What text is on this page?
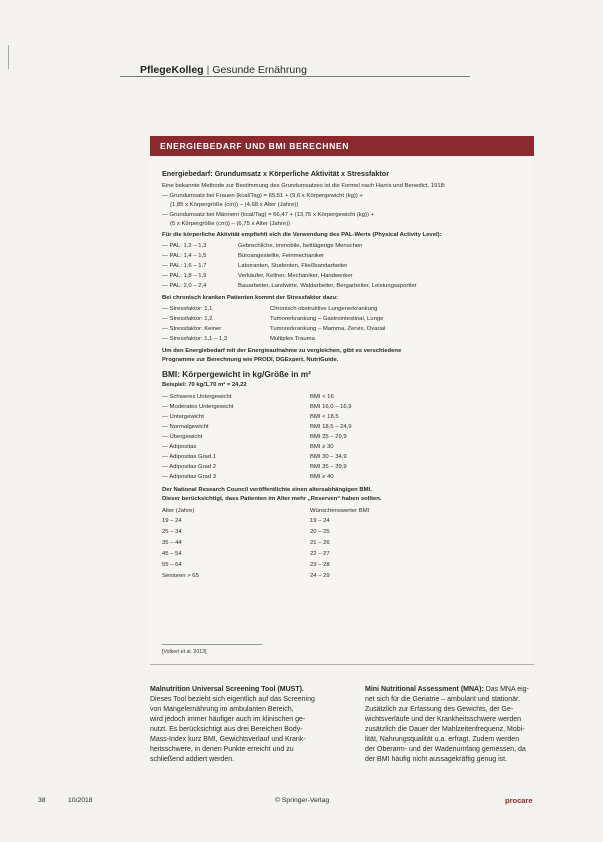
PflegeKolleg | Gesunde Ernährung
ENERGIEBEDARF UND BMI BERECHNEN
Energiebedarf: Grundumsatz x Körperliche Aktivität x Stressfaktor
Eine bekannte Methode zur Bestimmung des Grundumsatzes ist die Formel nach Harris und Benedict, 1918:
— Grundumsatz bei Frauen (kcal/Tag) = 65,51 + (9,6 x Körpergewicht (kg)) +
(1,85 x Körpergröße (cm)) – (4,68 x Alter (Jahre))
— Grundumsatz bei Männern (kcal/Tag) = 66,47 + (13,75 x Körpergewicht (kg)) +
(5 x Körpergröße (cm)) – (6,75 x Alter (Jahre))
Für die körperliche Aktivität empfiehlt sich die Verwendung des PAL-Werts (Physical Activity Level):
— PAL: 1,2 – 1,3	Gebrechliche, immobile, bettlägerige Menschen
— PAL: 1,4 – 1,5	Büroangestellte, Feinmechaniker
— PAL: 1,6 – 1,7	Laboranten, Studenten, Fließbandarbeiter
— PAL: 1,8 – 1,9	Verkäufer, Kellner, Mechaniker, Handwerker
— PAL: 2,0 – 2,4	Bauarbeiter, Landwirte, Waldarbeiter, Bergarbeiter, Leistungssportler
Bei chronisch kranken Patienten kommt der Stressfaktor dazu:
— Stressfaktor: 1,1	Chronisch obstruktive Lungenerkrankung
— Stressfaktor: 1,2	Tumorerkrankung – Gastrointestinal, Lunge
— Stressfaktor: Keiner	Tumorerkrankung – Mamma, Zervix, Ovarial
— Stressfaktor: 1,1 – 1,3	Multiples Trauma
Um den Energiebedarf mit der Energieaufnahme zu vergleichen, gibt es verschiedene
Programme zur Berechnung wie PRODI, DGExpert, NutriGuide.
BMI: Körpergewicht in kg/Größe in m²
Beispiel: 70 kg/1,70 m² = 24,22
— Schweres Untergewicht	BMI < 16
— Moderates Untergewicht	BMI 16,0 – 16,9
— Untergewicht	BMI < 18,5
— Normalgewicht	BMI 18,5 – 24,9
— Übergewicht	BMI 25 – 29,9
— Adipositas	BMI ≥ 30
— Adipositas Grad 1	BMI 30 – 34,9
— Adipositas Grad 2	BMI 35 – 39,9
— Adipositas Grad 3	BMI ≥ 40
Der National Research Council veröffentlichte einen altersabhängigen BMI.
Dieser berücksichtigt, dass Patienten im Alter mehr „Reserven“ haben sollten.
Alter (Jahre)	Wünschenswerter BMI
19 – 24	19 – 24
25 – 34	20 – 25
35 – 44	21 – 26
45 – 54	22 – 27
55 – 64	23 – 28
Senioren > 65	24 – 29
[Volkert et al. 2013]
Malnutrition Universal Screening Tool (MUST).
Dieses Tool bezieht sich eigentlich auf das Screening
von Mangelernährung im ambulanten Bereich,
wird jedoch immer häufiger auch im klinischen ge-
nutzt. Es berücksichtigt aus drei Bereichen Body-
Mass-Index kurz BMI, Gewichtsverlauf und Krank-
heitsschwere, in denen Punkte erreicht und zu
schließend addiert werden.
Mini Nutritional Assessment (MNA): Das MNA eig-
net sich für die Geriatrie – ambulant und stationär.
Zusätzlich zur Erfassung des Gewichts, der Ge-
wichtsverläufe und der Krankheitsschwere werden
zusätzlich die Dauer der Mahlzeitenfrequenz, Mobi-
lität, Nahrungsqualität u.a. erfragt. Zudem werden
der Oberarm- und der Wadenumfang gemessen, da
der BMI häufig nicht aussagekräftig genug ist.
38	10/2018	© Springer-Verlag	procare
